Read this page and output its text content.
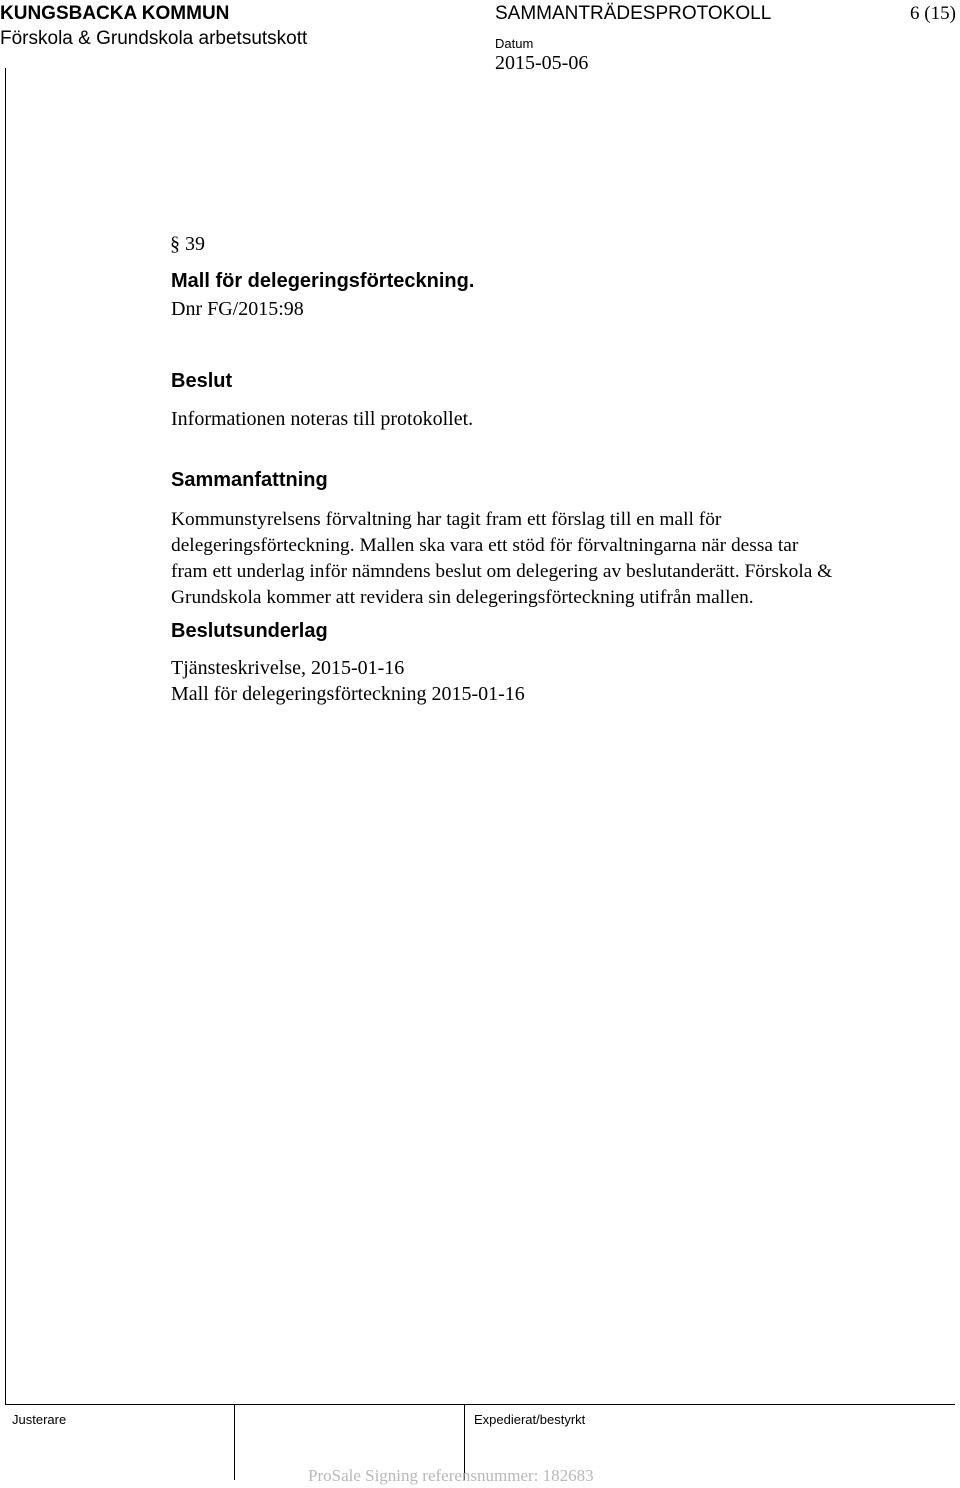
KUNGSBACKA KOMMUN
Förskola & Grundskola arbetsutskott
SAMMANTRÄDESPROTOKOLL	6 (15)
Datum
2015-05-06
§ 39
Mall för delegeringsförteckning.
Dnr FG/2015:98
Beslut
Informationen noteras till protokollet.
Sammanfattning
Kommunstyrelsens förvaltning har tagit fram ett förslag till en mall för
delegeringsförteckning. Mallen ska vara ett stöd för förvaltningarna när dessa tar
fram ett underlag inför nämndens beslut om delegering av beslutanderätt. Förskola &
Grundskola kommer att revidera sin delegeringsförteckning utifrån mallen.
Beslutsunderlag
Tjänsteskrivelse, 2015-01-16
Mall för delegeringsförteckning 2015-01-16
Justerare	Expedierat/bestyrkt
ProSale Signing referensnummer: 182683
